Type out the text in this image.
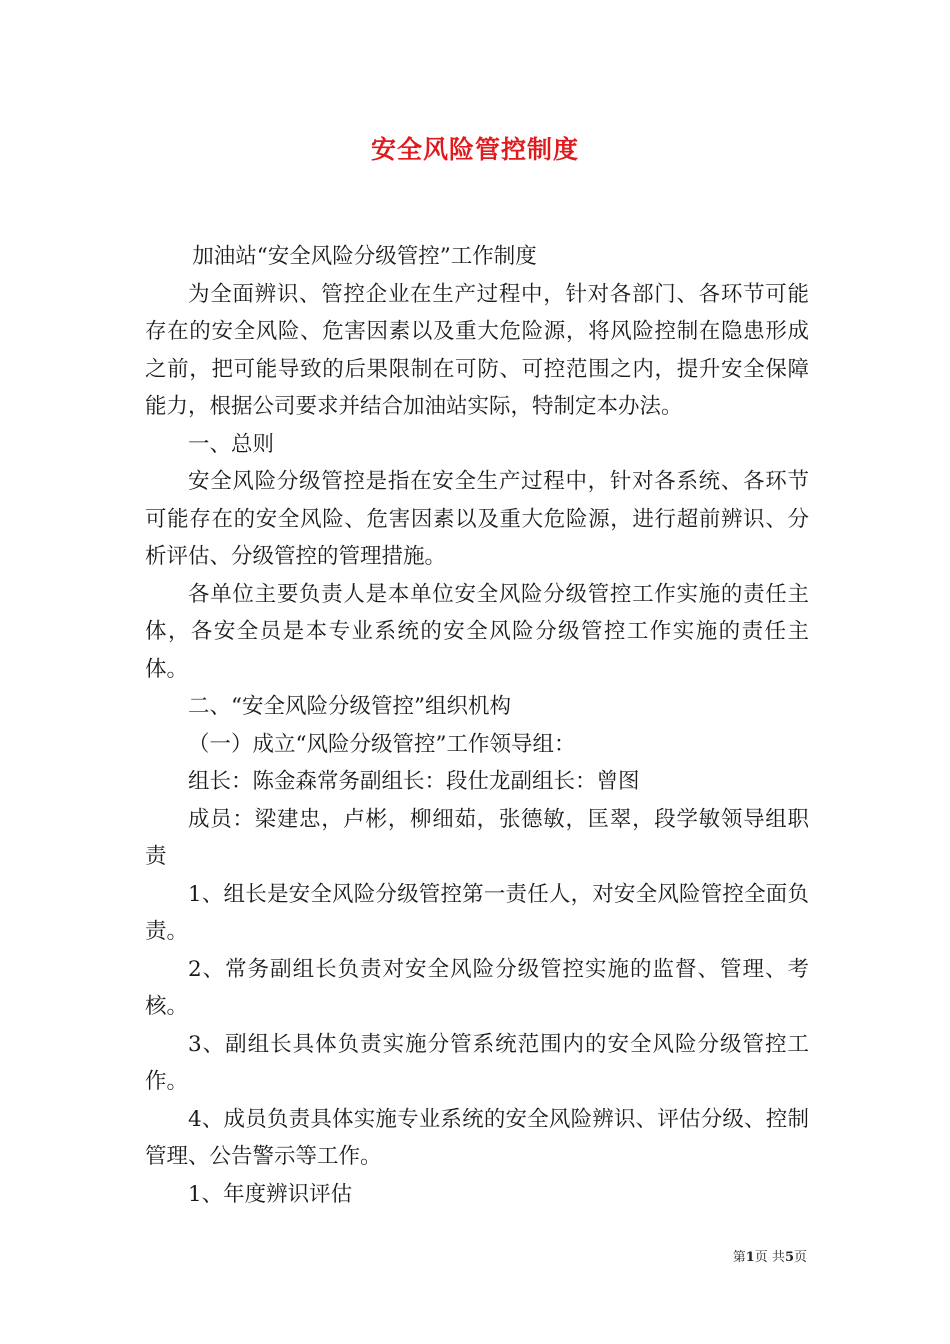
安全风险管控制度

加油站“安全风险分级管控”工作制度

为全面辨识、管控企业在生产过程中，针对各部门、各环节可能存在的安全风险、危害因素以及重大危险源，将风险控制在隐患形成之前，把可能导致的后果限制在可防、可控范围之内，提升安全保障能力，根据公司要求并结合加油站实际，特制定本办法。

一、总则

安全风险分级管控是指在安全生产过程中，针对各系统、各环节可能存在的安全风险、危害因素以及重大危险源，进行超前辨识、分析评估、分级管控的管理措施。

各单位主要负责人是本单位安全风险分级管控工作实施的责任主体，各安全员是本专业系统的安全风险分级管控工作实施的责任主体。

二、“安全风险分级管控”组织机构

（一）成立“风险分级管控”工作领导组：

组长：陈金森常务副组长：段仕龙副组长：曾图

成员：梁建忠，卢彬，柳细茹，张德敏，匡翠，段学敏领导组职责

1、组长是安全风险分级管控第一责任人，对安全风险管控全面负责。

2、常务副组长负责对安全风险分级管控实施的监督、管理、考核。

3、副组长具体负责实施分管系统范围内的安全风险分级管控工作。

4、成员负责具体实施专业系统的安全风险辨识、评估分级、控制管理、公告警示等工作。

1、年度辨识评估

第1页 共5页
